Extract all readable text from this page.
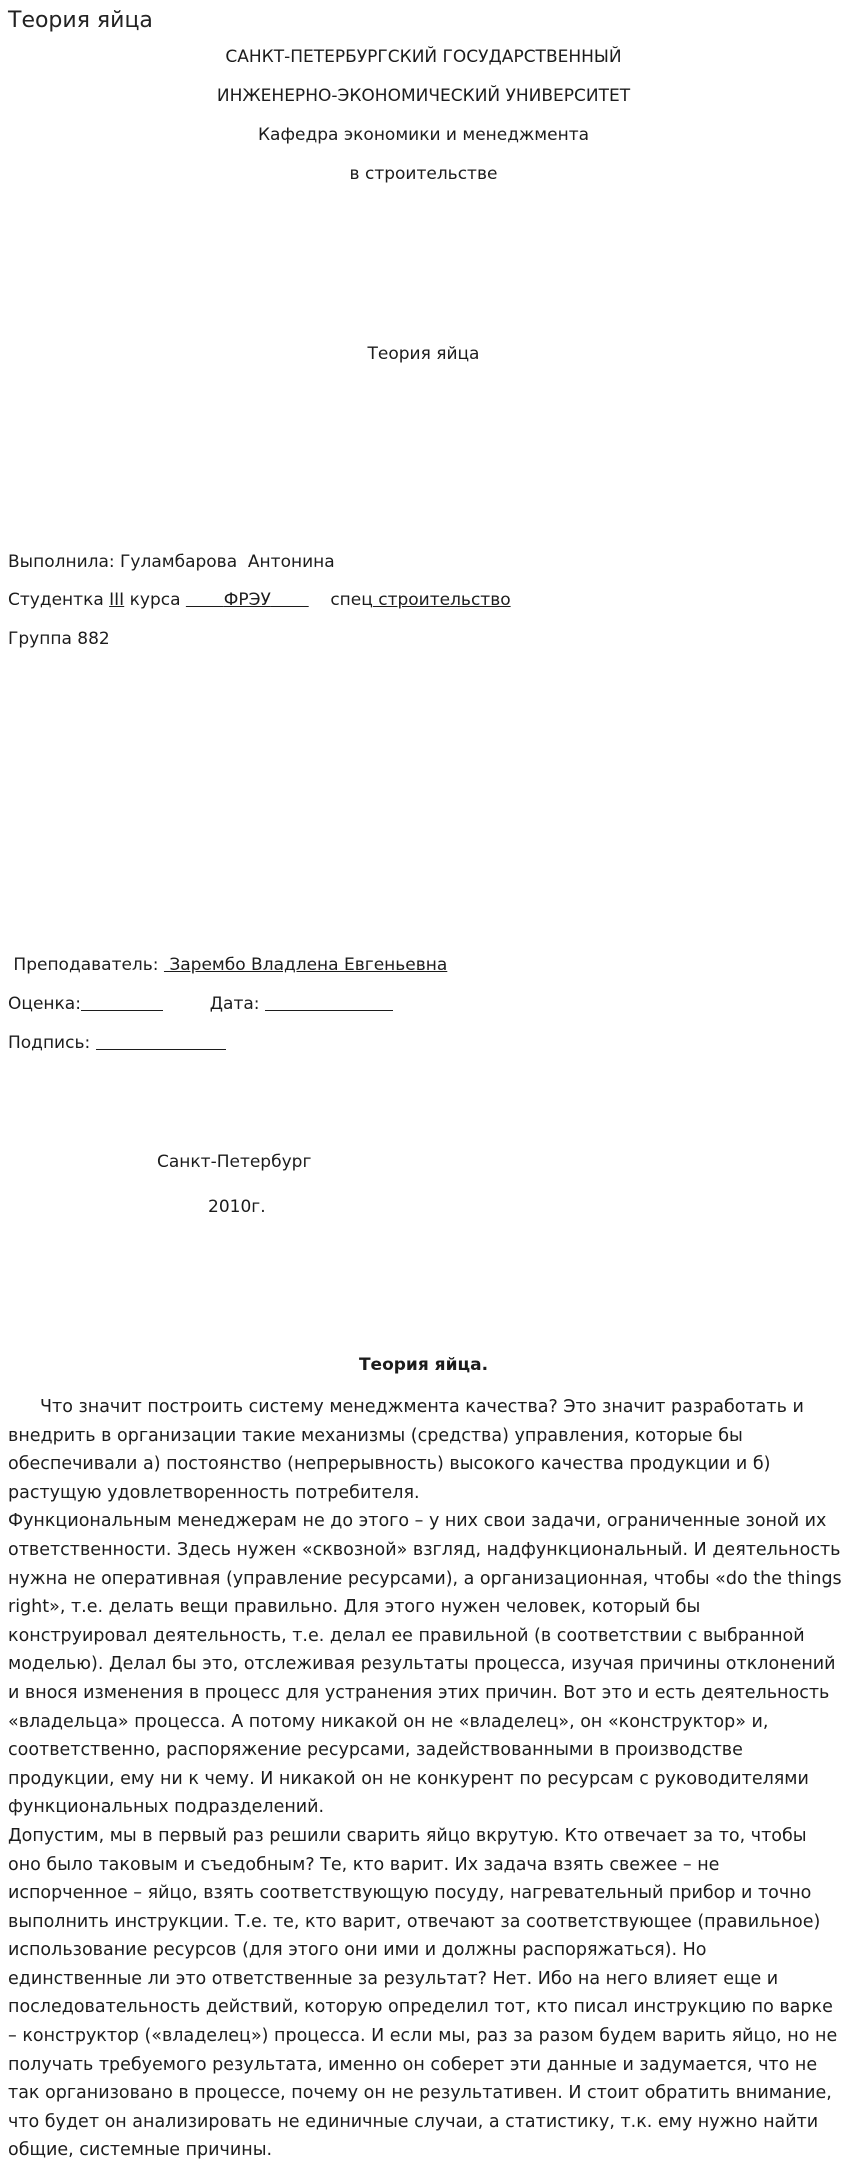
Теория яйца
САНКТ-ПЕТЕРБУРГСКИЙ ГОСУДАРСТВЕННЫЙ
ИНЖЕНЕРНО-ЭКОНОМИЧЕСКИЙ УНИВЕРСИТЕТ
Кафедра экономики и менеджмента
в строительстве
Теория яйца
Выполнила: Гуламбарова  Антонина
Студентка III курса	ФРЭУ	спец строительство
Группа 882
Преподаватель:  Зарембо Владлена Евгеньевна
Оценка:	Дата:
Подпись:
Санкт-Петербург
2010г.
Теория яйца.

Что значит построить систему менеджмента качества? Это значит разработать и внедрить в организации такие механизмы (средства) управления, которые бы обеспечивали а) постоянство (непрерывность) высокого качества продукции и б) растущую удовлетворенность потребителя.

Функциональным менеджерам не до этого – у них свои задачи, ограниченные зоной их ответственности. Здесь нужен «сквозной» взгляд, надфункциональный. И деятельность нужна не оперативная (управление ресурсами), а организационная, чтобы «do the things right», т.е. делать вещи правильно. Для этого нужен человек, который бы конструировал деятельность, т.е. делал ее правильной (в соответствии с выбранной моделью). Делал бы это, отслеживая результаты процесса, изучая причины отклонений и внося изменения в процесс для устранения этих причин. Вот это и есть деятельность «владельца» процесса. А потому никакой он не «владелец», он «конструктор» и, соответственно, распоряжение ресурсами, задействованными в производстве продукции, ему ни к чему. И никакой он не конкурент по ресурсам с руководителями функциональных подразделений.

Допустим, мы в первый раз решили сварить яйцо вкрутую. Кто отвечает за то, чтобы оно было таковым и съедобным? Те, кто варит. Их задача взять свежее – не испорченное – яйцо, взять соответствующую посуду, нагревательный прибор и точно выполнить инструкции. Т.е. те, кто варит, отвечают за соответствующее (правильное) использование ресурсов (для этого они ими и должны распоряжаться). Но единственные ли это ответственные за результат? Нет. Ибо на него влияет еще и последовательность действий, которую определил тот, кто писал инструкцию по варке – конструктор («владелец») процесса. И если мы, раз за разом будем варить яйцо, но не получать требуемого результата, именно он соберет эти данные и задумается, что не так организовано в процессе, почему он не результативен. И стоит обратить внимание, что будет он анализировать не единичные случаи, а статистику, т.к. ему нужно найти общие, системные причины.
